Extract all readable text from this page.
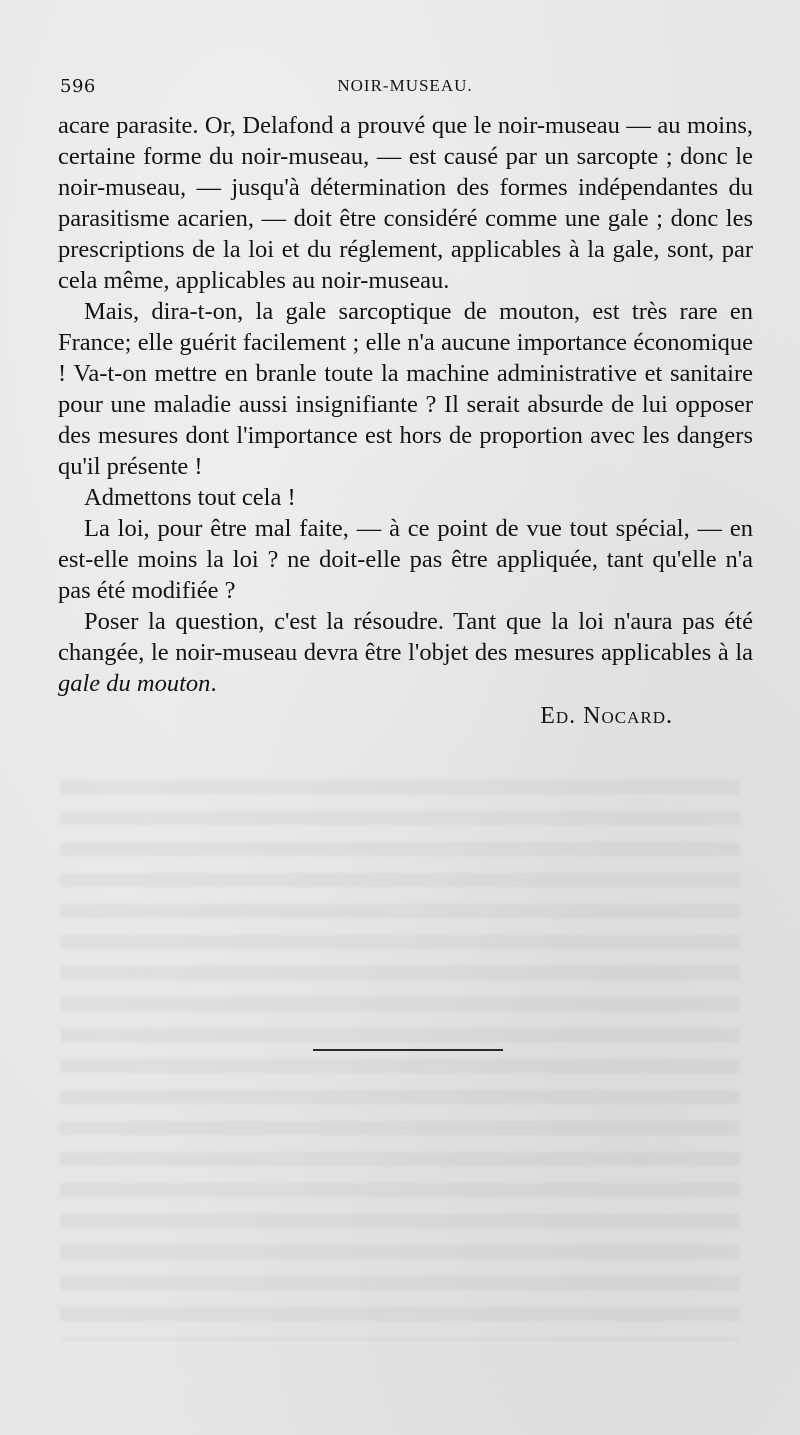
596	NOIR-MUSEAU.

acare parasite. Or, Delafond a prouvé que le noir-museau — au moins, certaine forme du noir-museau, — est causé par un sarcopte ; donc le noir-museau, — jusqu'à détermination des formes indépendantes du parasitisme acarien, — doit être considéré comme une gale ; donc les prescriptions de la loi et du réglement, applicables à la gale, sont, par cela même, applicables au noir-museau.

Mais, dira-t-on, la gale sarcoptique de mouton, est très rare en France; elle guérit facilement ; elle n'a aucune importance économique ! Va-t-on mettre en branle toute la machine administrative et sanitaire pour une maladie aussi insignifiante ? Il serait absurde de lui opposer des mesures dont l'importance est hors de proportion avec les dangers qu'il présente !

Admettons tout cela !

La loi, pour être mal faite, — à ce point de vue tout spécial, — en est-elle moins la loi ? ne doit-elle pas être appliquée, tant qu'elle n'a pas été modifiée ?

Poser la question, c'est la résoudre. Tant que la loi n'aura pas été changée, le noir-museau devra être l'objet des mesures applicables à la gale du mouton.

Ed. Nocard.
